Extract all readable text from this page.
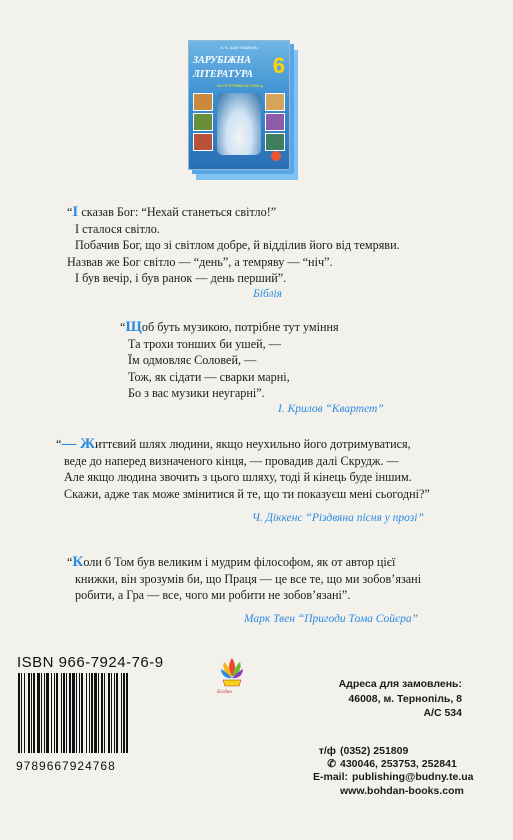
А. Б. ШАНТЛАВЕНЬ
ЗАРУБІЖНА
ЛІТЕРАТУРА 6
ЗА ПРОГРАМОЮ 2005 р.
“І сказав Бог: “Нехай станеться світло!”
І сталося світло.
Побачив Бог, що зі світлом добре, й відділив його від темряви.
Назвав же Бог світло — “день”, а темряву — “ніч”.
І був вечір, і був ранок — день перший”.
Біблія
“Щоб буть музикою, потрібне тут уміння
Та трохи тонших би ушей, —
Їм одмовляє Соловей, —
Тож, як сідати — сварки марні,
Бо з вас музики неугарні”.
І. Крилов “Квартет”
“— Життєвий шлях людини, якщо неухильно його дотримуватися,
веде до наперед визначеного кінця, — провадив далі Скрудж. —
Але якщо людина звочить з цього шляху, тоді й кінець буде іншим.
Скажи, адже так може змінитися й те, що ти показуєш мені сьогодні?”
Ч. Діккенс “Різдвяна пісня у прозі”
“Коли б Том був великим і мудрим філософом, як от автор цієї
книжки, він зрозумів би, що Праця — це все те, що ми зобов’язані
робити, а Гра — все, чого ми робити не зобов’язані”.
Марк Твен “Пригоди Тома Сойєра”
ISBN 966-7924-76-9
9789667924768
Богдан
Адреса для замовлень:
46008, м. Тернопіль, 8
А/С 534
т/ф (0352) 251809
✆ 430046, 253753, 252841
E-mail: publishing@budny.te.ua
www.bohdan-books.com
